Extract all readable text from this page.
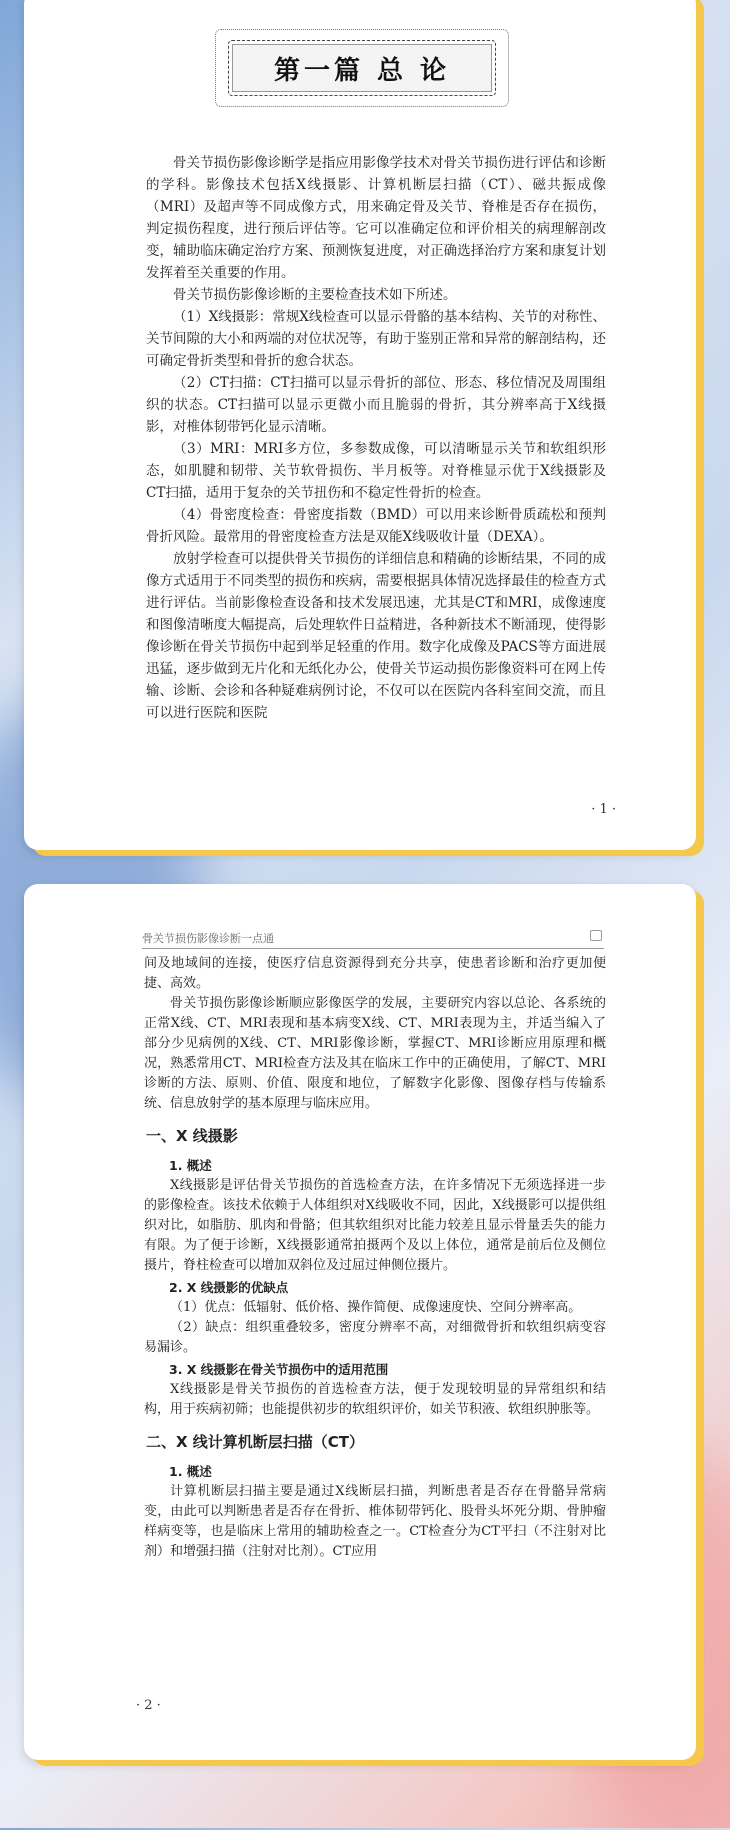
第一篇 总 论

骨关节损伤影像诊断学是指应用影像学技术对骨关节损伤进行评估和诊断的学科。影像技术包括X线摄影、计算机断层扫描（CT）、磁共振成像（MRI）及超声等不同成像方式，用来确定骨及关节、脊椎是否存在损伤，判定损伤程度，进行预后评估等。它可以准确定位和评价相关的病理解剖改变，辅助临床确定治疗方案、预测恢复进度，对正确选择治疗方案和康复计划发挥着至关重要的作用。

骨关节损伤影像诊断的主要检查技术如下所述。

（1）X线摄影：常规X线检查可以显示骨骼的基本结构、关节的对称性、关节间隙的大小和两端的对位状况等，有助于鉴别正常和异常的解剖结构，还可确定骨折类型和骨折的愈合状态。

（2）CT扫描：CT扫描可以显示骨折的部位、形态、移位情况及周围组织的状态。CT扫描可以显示更微小而且脆弱的骨折，其分辨率高于X线摄影，对椎体韧带钙化显示清晰。

（3）MRI：MRI多方位，多参数成像，可以清晰显示关节和软组织形态，如肌腱和韧带、关节软骨损伤、半月板等。对脊椎显示优于X线摄影及CT扫描，适用于复杂的关节扭伤和不稳定性骨折的检查。

（4）骨密度检查：骨密度指数（BMD）可以用来诊断骨质疏松和预判骨折风险。最常用的骨密度检查方法是双能X线吸收计量（DEXA）。

放射学检查可以提供骨关节损伤的详细信息和精确的诊断结果，不同的成像方式适用于不同类型的损伤和疾病，需要根据具体情况选择最佳的检查方式进行评估。当前影像检查设备和技术发展迅速，尤其是CT和MRI，成像速度和图像清晰度大幅提高，后处理软件日益精进，各种新技术不断涌现，使得影像诊断在骨关节损伤中起到举足轻重的作用。数字化成像及PACS等方面进展迅猛，逐步做到无片化和无纸化办公，使骨关节运动损伤影像资料可在网上传输、诊断、会诊和各种疑难病例讨论，不仅可以在医院内各科室间交流，而且可以进行医院和医院

· 1 ·
骨关节损伤影像诊断一点通

间及地域间的连接，使医疗信息资源得到充分共享，使患者诊断和治疗更加便捷、高效。

骨关节损伤影像诊断顺应影像医学的发展，主要研究内容以总论、各系统的正常X线、CT、MRI表现和基本病变X线、CT、MRI表现为主，并适当编入了部分少见病例的X线、CT、MRI影像诊断，掌握CT、MRI诊断应用原理和概况，熟悉常用CT、MRI检查方法及其在临床工作中的正确使用，了解CT、MRI诊断的方法、原则、价值、限度和地位，了解数字化影像、图像存档与传输系统、信息放射学的基本原理与临床应用。

一、X 线摄影

1. 概述

X线摄影是评估骨关节损伤的首选检查方法，在许多情况下无须选择进一步的影像检查。该技术依赖于人体组织对X线吸收不同，因此，X线摄影可以提供组织对比，如脂肪、肌肉和骨骼；但其软组织对比能力较差且显示骨量丢失的能力有限。为了便于诊断，X线摄影通常拍摄两个及以上体位，通常是前后位及侧位摄片，脊柱检查可以增加双斜位及过屈过伸侧位摄片。

2. X 线摄影的优缺点

（1）优点：低辐射、低价格、操作简便、成像速度快、空间分辨率高。

（2）缺点：组织重叠较多，密度分辨率不高，对细微骨折和软组织病变容易漏诊。

3. X 线摄影在骨关节损伤中的适用范围

X线摄影是骨关节损伤的首选检查方法，便于发现较明显的异常组织和结构，用于疾病初筛；也能提供初步的软组织评价，如关节积液、软组织肿胀等。

二、X 线计算机断层扫描（CT）

1. 概述

计算机断层扫描主要是通过X线断层扫描，判断患者是否存在骨骼异常病变，由此可以判断患者是否存在骨折、椎体韧带钙化、股骨头坏死分期、骨肿瘤样病变等，也是临床上常用的辅助检查之一。CT检查分为CT平扫（不注射对比剂）和增强扫描（注射对比剂）。CT应用

· 2 ·
